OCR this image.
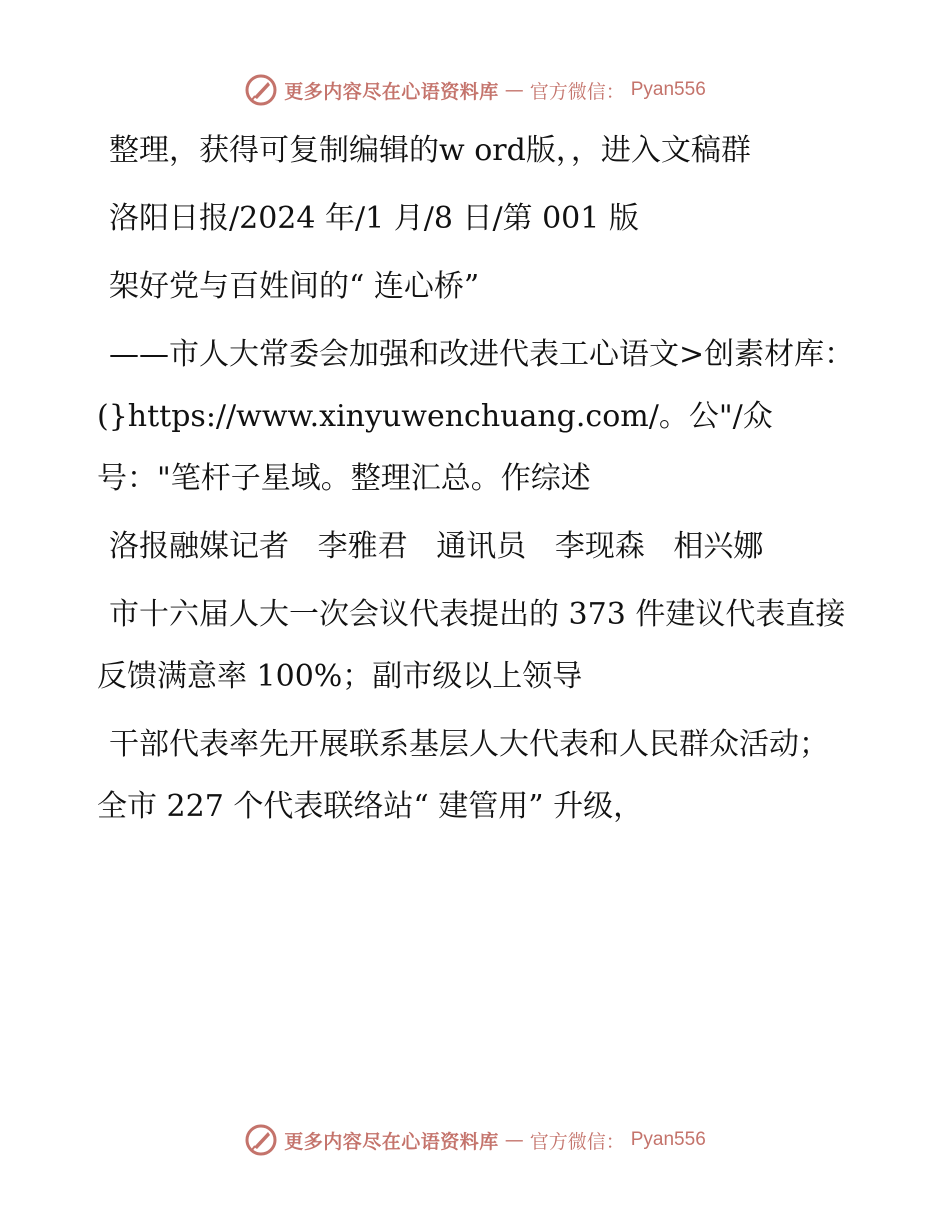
更多内容尽在心语资料库 — 官方微信： Pyan556

整理，获得可复制编辑的w ord版，，进入文稿群

洛阳日报/2024 年/1 月/8 日/第 001 版

架好党与百姓间的“ 连心桥”

——市人大常委会加强和改进代表工心语文>创素材库：(}https://www.xinyuwenchuang.com/。公"/众号："笔杆子星域。整理汇总。作综述

洛报融媒记者   李雅君   通讯员   李现森   相兴娜

市十六届人大一次会议代表提出的 373 件建议代表直接反馈满意率 100%；副市级以上领导

干部代表率先开展联系基层人大代表和人民群众活动；全市 227 个代表联络站“ 建管用” 升级，

更多内容尽在心语资料库 — 官方微信： Pyan556
